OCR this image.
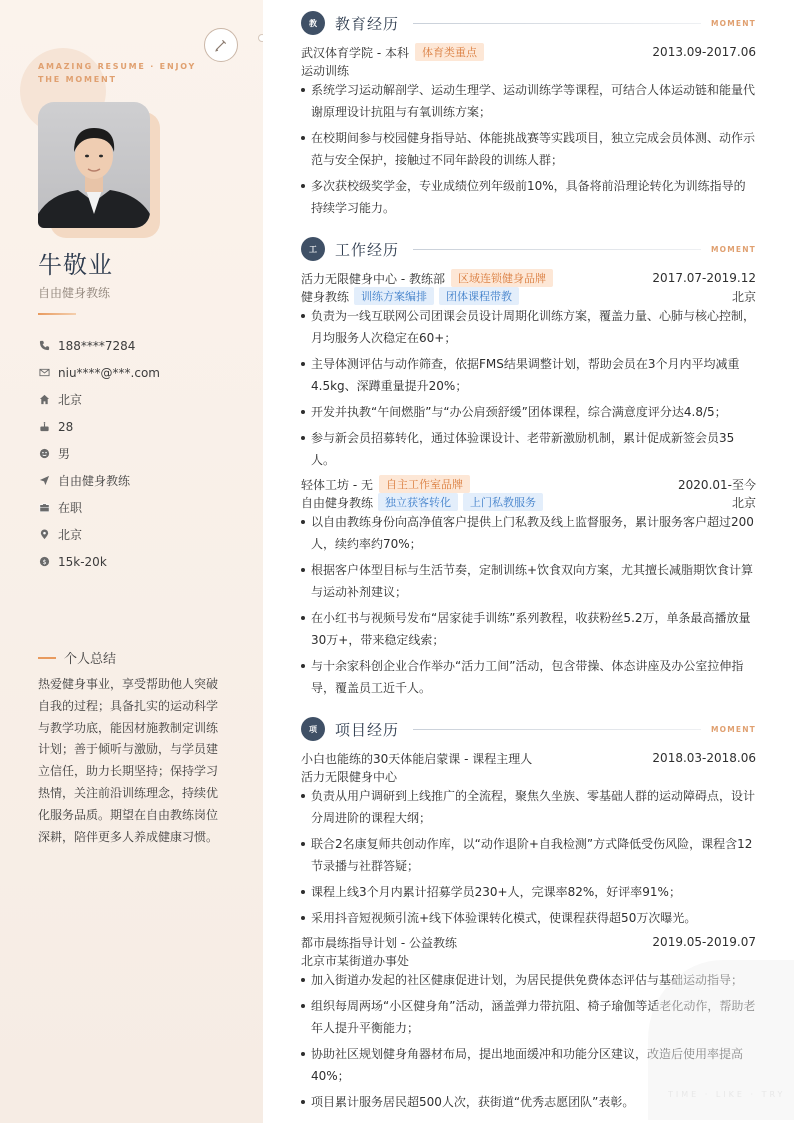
AMAZING RESUME · ENJOY THE MOMENT
牛敬业
自由健身教练
188****7284
niu****@***.com
北京
28
男
自由健身教练
在职
北京
$ 15k-20k
个人总结
热爱健身事业，享受帮助他人突破自我的过程；具备扎实的运动科学与教学功底，能因材施教制定训练计划；善于倾听与激励，与学员建立信任，助力长期坚持；保持学习热情，关注前沿训练理念，持续优化服务品质。期望在自由教练岗位深耕，陪伴更多人养成健康习惯。
教	教育经历	MOMENT
武汉体育学院 - 本科	体育类重点	2013.09-2017.06
运动训练
系统学习运动解剖学、运动生理学、运动训练学等课程，可结合人体运动链和能量代谢原理设计抗阻与有氧训练方案；
在校期间参与校园健身指导站、体能挑战赛等实践项目，独立完成会员体测、动作示范与安全保护，接触过不同年龄段的训练人群；
多次获校级奖学金，专业成绩位列年级前10%，具备将前沿理论转化为训练指导的持续学习能力。
工	工作经历	MOMENT
活力无限健身中心 - 教练部	区域连锁健身品牌	2017.07-2019.12
健身教练	训练方案编排	团体课程带教	北京
负责为一线互联网公司团课会员设计周期化训练方案，覆盖力量、心肺与核心控制，月均服务人次稳定在60+；
主导体测评估与动作筛查，依据FMS结果调整计划，帮助会员在3个月内平均减重4.5kg、深蹲重量提升20%；
开发并执教“午间燃脂”与“办公肩颈舒缓”团体课程，综合满意度评分达4.8/5；
参与新会员招募转化，通过体验课设计、老带新激励机制，累计促成新签会员35人。
轻体工坊 - 无	自主工作室品牌	2020.01-至今
自由健身教练	独立获客转化	上门私教服务	北京
以自由教练身份向高净值客户提供上门私教及线上监督服务，累计服务客户超过200人，续约率约70%；
根据客户体型目标与生活节奏，定制训练+饮食双向方案，尤其擅长减脂期饮食计算与运动补剂建议；
在小红书与视频号发布“居家徒手训练”系列教程，收获粉丝5.2万，单条最高播放量30万+，带来稳定线索；
与十余家科创企业合作举办“活力工间”活动，包含带操、体态讲座及办公室拉伸指导，覆盖员工近千人。
项	项目经历	MOMENT
小白也能练的30天体能启蒙课 - 课程主理人	2018.03-2018.06
活力无限健身中心
负责从用户调研到上线推广的全流程，聚焦久坐族、零基础人群的运动障碍点，设计分周进阶的课程大纲；
联合2名康复师共创动作库，以“动作退阶+自我检测”方式降低受伤风险，课程含12节录播与社群答疑；
课程上线3个月内累计招募学员230+人，完课率82%，好评率91%；
采用抖音短视频引流+线下体验课转化模式，使课程获得超50万次曝光。
都市晨练指导计划 - 公益教练	2019.05-2019.07
北京市某街道办事处
加入街道办发起的社区健康促进计划，为居民提供免费体态评估与基础运动指导；
组织每周两场“小区健身角”活动，涵盖弹力带抗阻、椅子瑜伽等适老化动作，帮助老年人提升平衡能力；
协助社区规划健身角器材布局，提出地面缓冲和功能分区建议，改造后使用率提高40%；
项目累计服务居民超500人次，获街道“优秀志愿团队”表彰。
TIME · LIKE · TRY
